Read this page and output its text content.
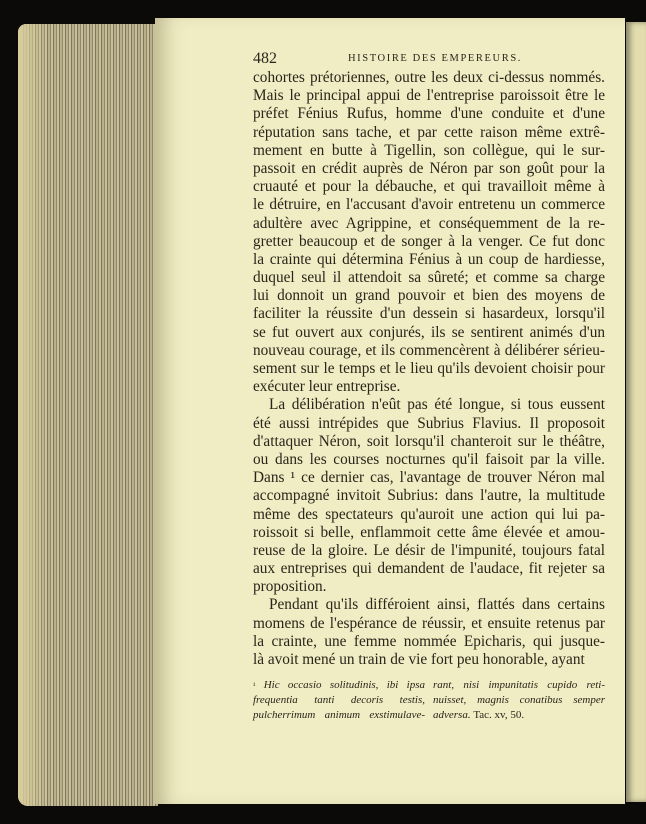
482	HISTOIRE DES EMPEREURS.
cohortes prétoriennes, outre les deux ci-dessus nommés.
Mais le principal appui de l'entreprise paroissoit être le
préfet Fénius Rufus, homme d'une conduite et d'une
réputation sans tache, et par cette raison même extrê-
mement en butte à Tigellin, son collègue, qui le sur-
passoit en crédit auprès de Néron par son goût pour la
cruauté et pour la débauche, et qui travailloit même à
le détruire, en l'accusant d'avoir entretenu un commerce
adultère avec Agrippine, et conséquemment de la re-
gretter beaucoup et de songer à la venger. Ce fut donc
la crainte qui détermina Fénius à un coup de hardiesse,
duquel seul il attendoit sa sûreté; et comme sa charge
lui donnoit un grand pouvoir et bien des moyens de
faciliter la réussite d'un dessein si hasardeux, lorsqu'il
se fut ouvert aux conjurés, ils se sentirent animés d'un
nouveau courage, et ils commencèrent à délibérer sérieu-
sement sur le temps et le lieu qu'ils devoient choisir pour
exécuter leur entreprise.
La délibération n'eût pas été longue, si tous eussent
été aussi intrépides que Subrius Flavius. Il proposoit
d'attaquer Néron, soit lorsqu'il chanteroit sur le théâtre,
ou dans les courses nocturnes qu'il faisoit par la ville.
Dans ¹ ce dernier cas, l'avantage de trouver Néron mal
accompagné invitoit Subrius: dans l'autre, la multitude
même des spectateurs qu'auroit une action qui lui pa-
roissoit si belle, enflammoit cette âme élevée et amou-
reuse de la gloire. Le désir de l'impunité, toujours fatal
aux entreprises qui demandent de l'audace, fit rejeter sa
proposition.
Pendant qu'ils différoient ainsi, flattés dans certains
momens de l'espérance de réussir, et ensuite retenus par
la crainte, une femme nommée Epicharis, qui jusque-
là avoit mené un train de vie fort peu honorable, ayant
$^{^1}$ Hic occasio solitudinis, ibi ipsa
frequentia tanti decoris testis,
pulcherrimum animum exstimulave-
rant, nisi impunitatis cupido reti-
nuisset, magnis conatibus semper
adversa. Tac. xv, 50.
